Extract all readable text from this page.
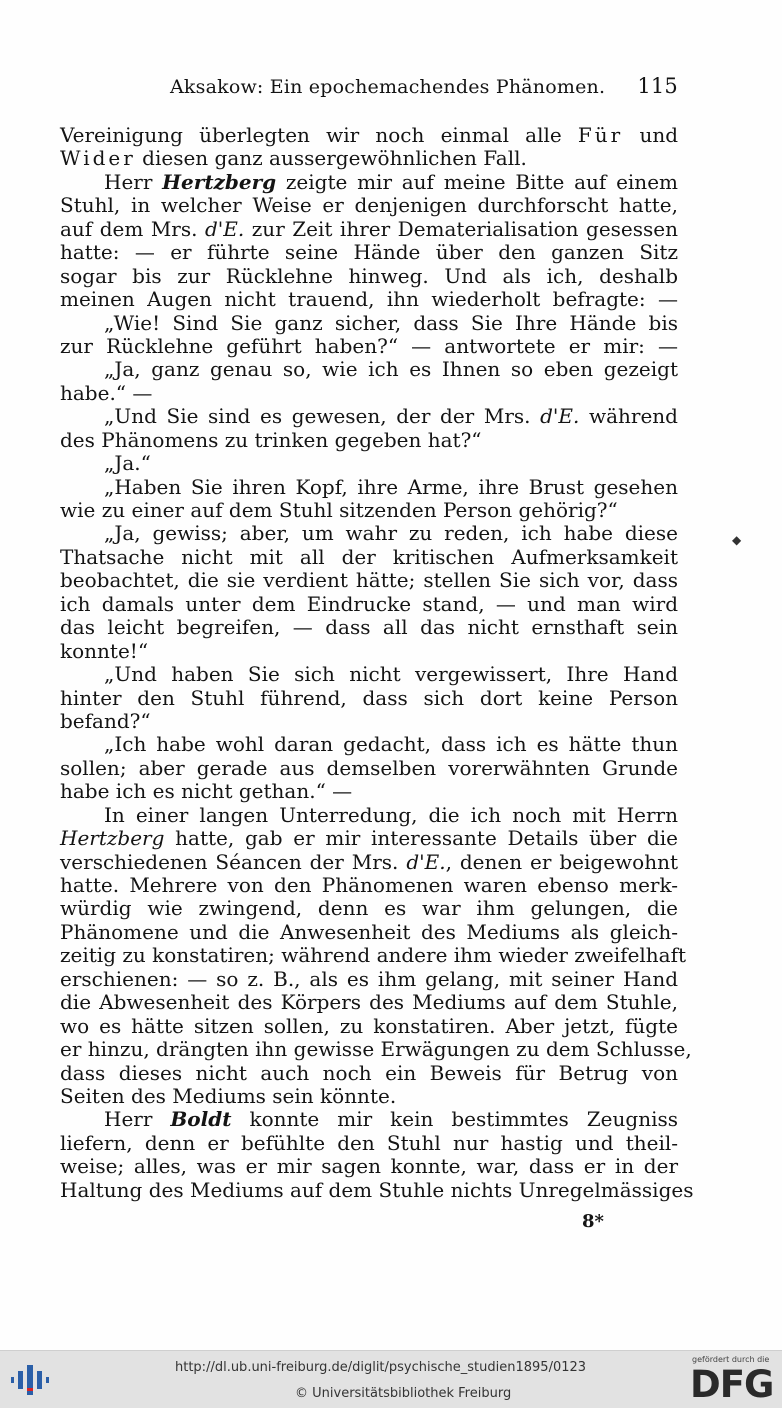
Aksakow: Ein epochemachendes Phänomen. 115
Vereinigung überlegten wir noch einmal alle Für und
Wider diesen ganz aussergewöhnlichen Fall.
Herr Hertzberg zeigte mir auf meine Bitte auf einem
Stuhl, in welcher Weise er denjenigen durchforscht hatte,
auf dem Mrs. d'E. zur Zeit ihrer Dematerialisation gesessen
hatte: — er führte seine Hände über den ganzen Sitz
sogar bis zur Rücklehne hinweg. Und als ich, deshalb
meinen Augen nicht trauend, ihn wiederholt befragte: —
„Wie! Sind Sie ganz sicher, dass Sie Ihre Hände bis
zur Rücklehne geführt haben?“ — antwortete er mir: —
„Ja, ganz genau so, wie ich es Ihnen so eben gezeigt
habe.“ —
„Und Sie sind es gewesen, der der Mrs. d'E. während
des Phänomens zu trinken gegeben hat?“
„Ja.“
„Haben Sie ihren Kopf, ihre Arme, ihre Brust gesehen
wie zu einer auf dem Stuhl sitzenden Person gehörig?“
„Ja, gewiss; aber, um wahr zu reden, ich habe diese
Thatsache nicht mit all der kritischen Aufmerksamkeit
beobachtet, die sie verdient hätte; stellen Sie sich vor, dass
ich damals unter dem Eindrucke stand, — und man wird
das leicht begreifen, — dass all das nicht ernsthaft sein
konnte!“
„Und haben Sie sich nicht vergewissert, Ihre Hand
hinter den Stuhl führend, dass sich dort keine Person
befand?“
„Ich habe wohl daran gedacht, dass ich es hätte thun
sollen; aber gerade aus demselben vorerwähnten Grunde
habe ich es nicht gethan.“ —
In einer langen Unterredung, die ich noch mit Herrn
Hertzberg hatte, gab er mir interessante Details über die
verschiedenen Séancen der Mrs. d'E., denen er beigewohnt
hatte. Mehrere von den Phänomenen waren ebenso merk-
würdig wie zwingend, denn es war ihm gelungen, die
Phänomene und die Anwesenheit des Mediums als gleich-
zeitig zu konstatiren; während andere ihm wieder zweifelhaft
erschienen: — so z. B., als es ihm gelang, mit seiner Hand
die Abwesenheit des Körpers des Mediums auf dem Stuhle,
wo es hätte sitzen sollen, zu konstatiren. Aber jetzt, fügte
er hinzu, drängten ihn gewisse Erwägungen zu dem Schlusse,
dass dieses nicht auch noch ein Beweis für Betrug von
Seiten des Mediums sein könnte.
Herr Boldt konnte mir kein bestimmtes Zeugniss
liefern, denn er befühlte den Stuhl nur hastig und theil-
weise; alles, was er mir sagen konnte, war, dass er in der
Haltung des Mediums auf dem Stuhle nichts Unregelmässiges
◆
8*
http://dl.ub.uni-freiburg.de/diglit/psychische_studien1895/0123
© Universitätsbibliothek Freiburg
gefördert durch die
DFG
